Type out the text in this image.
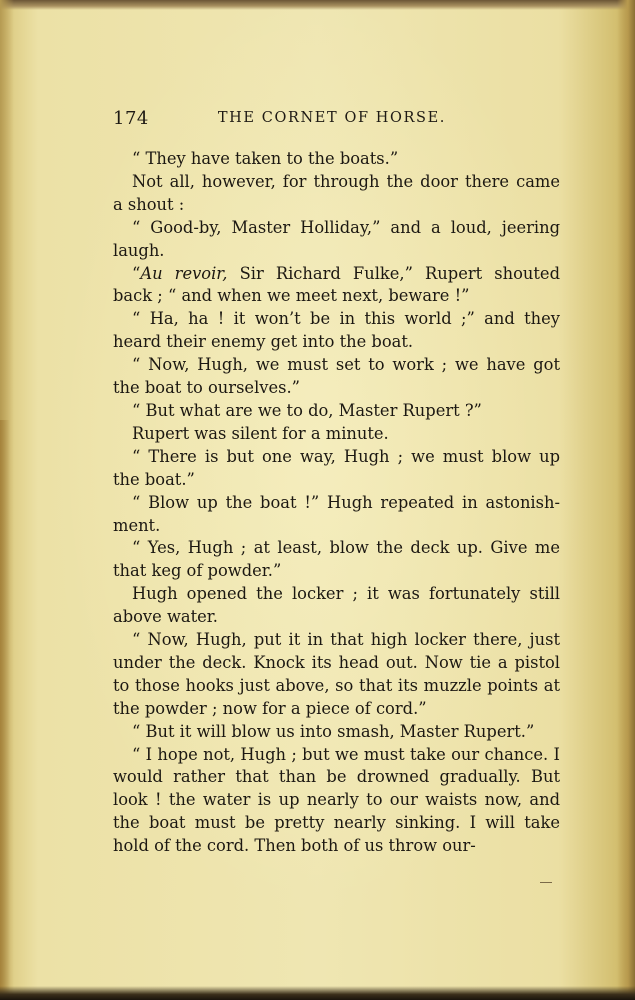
174	THE CORNET OF HORSE.

“ They have taken to the boats.”

Not all, however, for through the door there came a shout :

“ Good-by, Master Holliday,” and a loud, jeering laugh.

“Au revoir, Sir Richard Fulke,” Rupert shouted back ; “ and when we meet next, beware !”

“ Ha, ha ! it won’t be in this world ;” and they heard their enemy get into the boat.

“ Now, Hugh, we must set to work ; we have got the boat to ourselves.”

“ But what are we to do, Master Rupert ?”

Rupert was silent for a minute.

“ There is but one way, Hugh ; we must blow up the boat.”

“ Blow up the boat !” Hugh repeated in astonishment.

“ Yes, Hugh ; at least, blow the deck up. Give me that keg of powder.”

Hugh opened the locker ; it was fortunately still above water.

“ Now, Hugh, put it in that high locker there, just under the deck. Knock its head out. Now tie a pistol to those hooks just above, so that its muzzle points at the powder ; now for a piece of cord.”

“ But it will blow us into smash, Master Rupert.”

“ I hope not, Hugh ; but we must take our chance. I would rather that than be drowned gradually. But look ! the water is up nearly to our waists now, and the boat must be pretty nearly sinking. I will take hold of the cord. Then both of us throw our-
